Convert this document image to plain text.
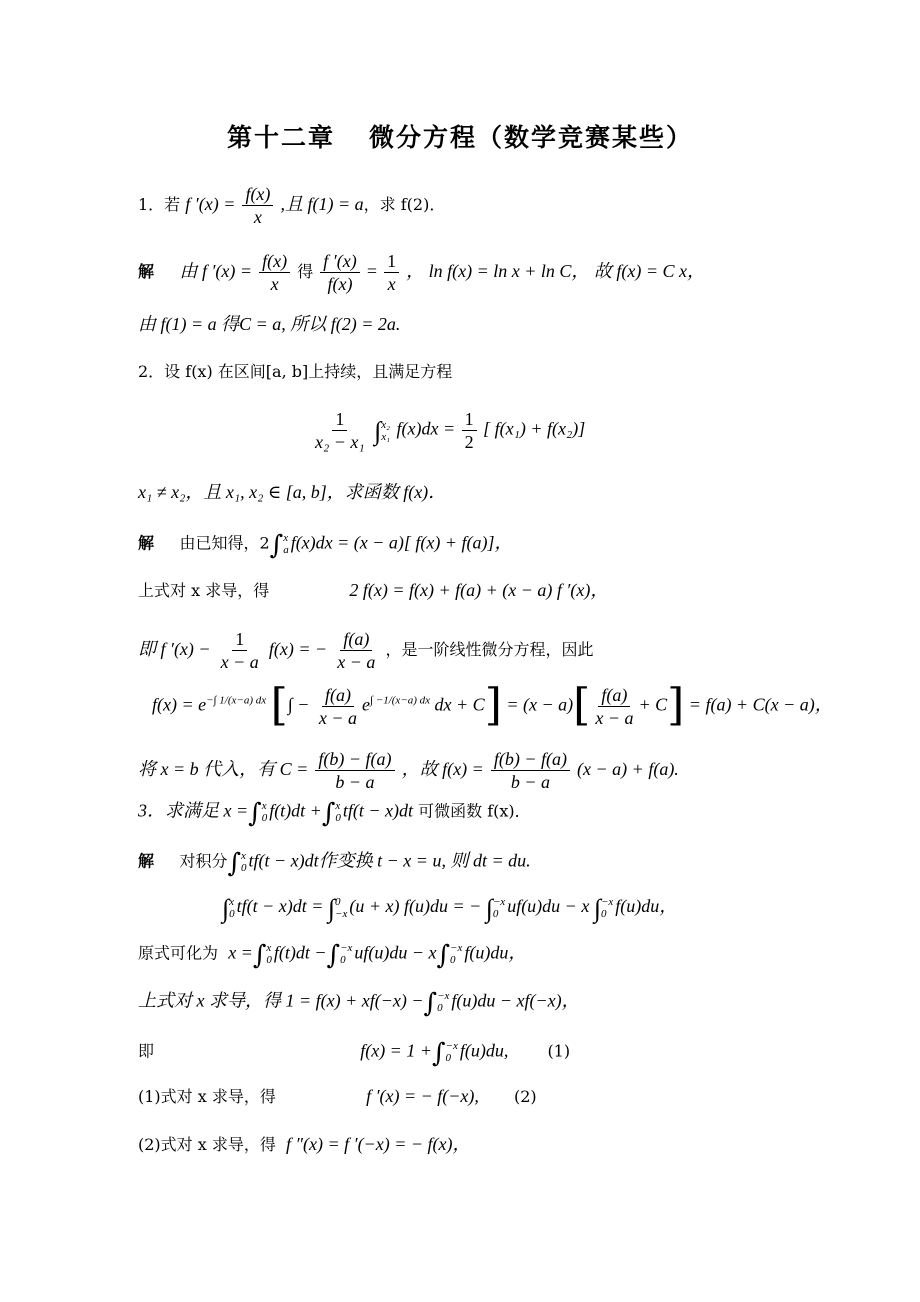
第十二章 微分方程（数学竞赛某些）
1．若 f $'(x) = \frac{f(x)}{x}$ ,且 f(1) = a，求 f(2)．
解 由 f $'(x) = \frac{f(x)}{x}$ 得 $\frac{f '(x)}{f(x)} = \frac{1}{x}$ ， ln f(x) = ln x + ln C， 故 f(x) = C x，
由 f(1) = a 得C = a, 所以 f(2) = 2a.
2．设 f(x) 在区间[a, b]上持续，且满足方程
$\frac{1}{\text{x₂ − x₁}}$ ∫ x₂
x₁ $f(x)dx = \frac{1}{2}$ [ f(x₁) + f(x₂)]
x₁ ≠ x₂，且 x₁, x₂ ∈ [a, b]，求函数 f(x)．
解 由已知得，2∫ x
a f(x)dx = (x − a)[ f(x) + f(a)]，
上式对 x 求导，得	2 f(x) = f(x) + f(a) + (x − a) f ′(x)，
即 f $'(x) - \frac{1}{x - a} f(x)$ = − $\frac{f(a)}{x - a}$ ，是一阶线性微分方程，因此
$f(x) = e^{-\int 1/(x-a) dx}$ [∫ − $\frac{f(a)}{x - a} e^{\int -1/(x-a) dx}$ dx + $C] = (x - a)[ \frac{f(a)}{x - a} + C] = f(a) + C(x - a)$，
将 x = b 代入，有 $C = \frac{f(b) - f(a)}{b - a}$ ，故 $f(x) = \frac{f(b) - f(a)}{b - a} (x - a) + f(a)$.
3．求满足 x =∫ x
0 f(t)dt +∫ x
0 tf(t − x)dt 可微函数 f(x)．
解 对积分∫ x
0 tf(t − x)dt作变换 t − x = u, 则 dt = du.
∫ x
0 tf(t − x)dt = ∫ 0
−x (u + x) f(u)du = − ∫ −x
0 uf(u)du − x ∫ −x
0 f(u)du，
原式可化为 x =∫ x
0 f(t)dt −∫ −x
0 uf(u)du − x∫ −x
0 f(u)du，
上式对 x 求导，得 1 = f(x) + xf(−x) −∫ −x
0 f(u)du − xf(−x)，
即	f(x) = 1 +∫ −x
0 f(u)du, (1)
(1)式对 x 求导，得	f ′(x) = − f(−x), (2)
(2)式对 x 求导，得 f ″(x) = f ′(−x) = − f(x)，
